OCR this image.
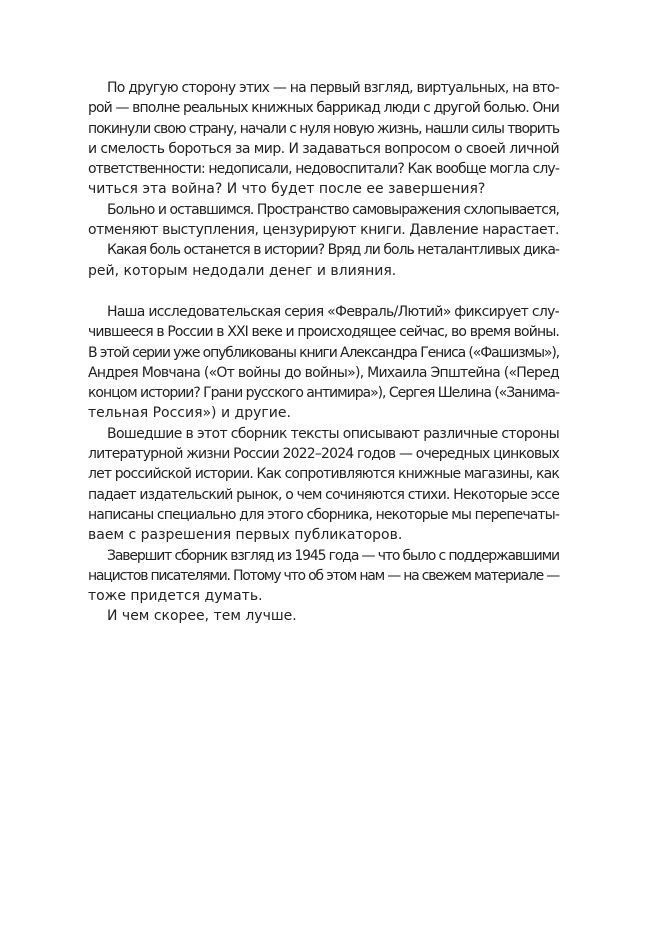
По другую сторону этих — на первый взгляд, виртуальных, на вто-
рой — вполне реальных книжных баррикад люди с другой болью. Они
покинули свою страну, начали с нуля новую жизнь, нашли силы творить
и смелость бороться за мир. И задаваться вопросом о своей личной
ответственности: недописали, недовоспитали? Как вообще могла слу-
читься эта война? И что будет после ее завершения?

Больно и оставшимся. Пространство самовыражения схлопывается,
отменяют выступления, цензурируют книги. Давление нарастает.

Какая боль останется в истории? Вряд ли боль неталантливых дика-
рей, которым недодали денег и влияния.

Наша исследовательская серия «Февраль/Лютий» фиксирует слу-
чившееся в России в XXI веке и происходящее сейчас, во время войны.
В этой серии уже опубликованы книги Александра Гениса («Фашизмы»),
Андрея Мовчана («От войны до войны»), Михаила Эпштейна («Перед
концом истории? Грани русского антимира»), Сергея Шелина («Занима-
тельная Россия») и другие.

Вошедшие в этот сборник тексты описывают различные стороны
литературной жизни России 2022–2024 годов — очередных цинковых
лет российской истории. Как сопротивляются книжные магазины, как
падает издательский рынок, о чем сочиняются стихи. Некоторые эссе
написаны специально для этого сборника, некоторые мы перепечаты-
ваем с разрешения первых публикаторов.

Завершит сборник взгляд из 1945 года — что было с поддержавшими
нацистов писателями. Потому что об этом нам — на свежем материале —
тоже придется думать.

И чем скорее, тем лучше.
